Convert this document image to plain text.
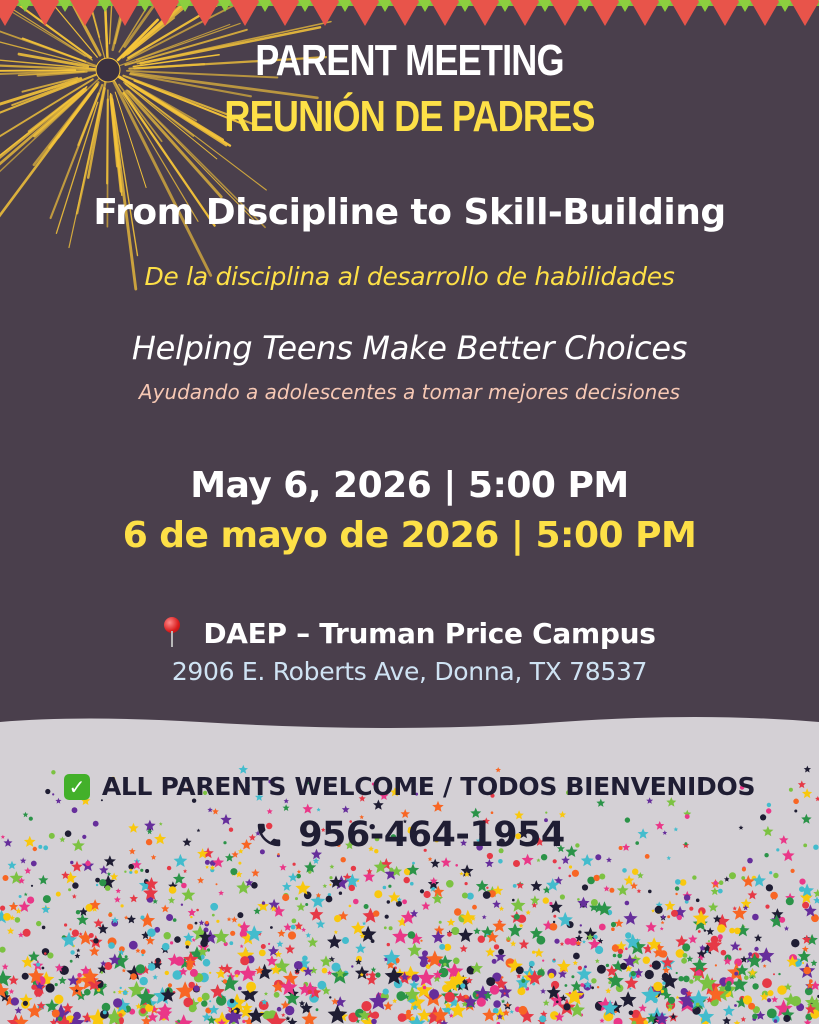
PARENT MEETING
REUNIÓN DE PADRES
From Discipline to Skill-Building
De la disciplina al desarrollo de habilidades
Helping Teens Make Better Choices
Ayudando a adolescentes a tomar mejores decisiones
May 6, 2026 | 5:00 PM
6 de mayo de 2026 | 5:00 PM
DAEP – Truman Price Campus
2906 E. Roberts Ave, Donna, TX 78537
✓ ALL PARENTS WELCOME / TODOS BIENVENIDOS
956-464-1954
